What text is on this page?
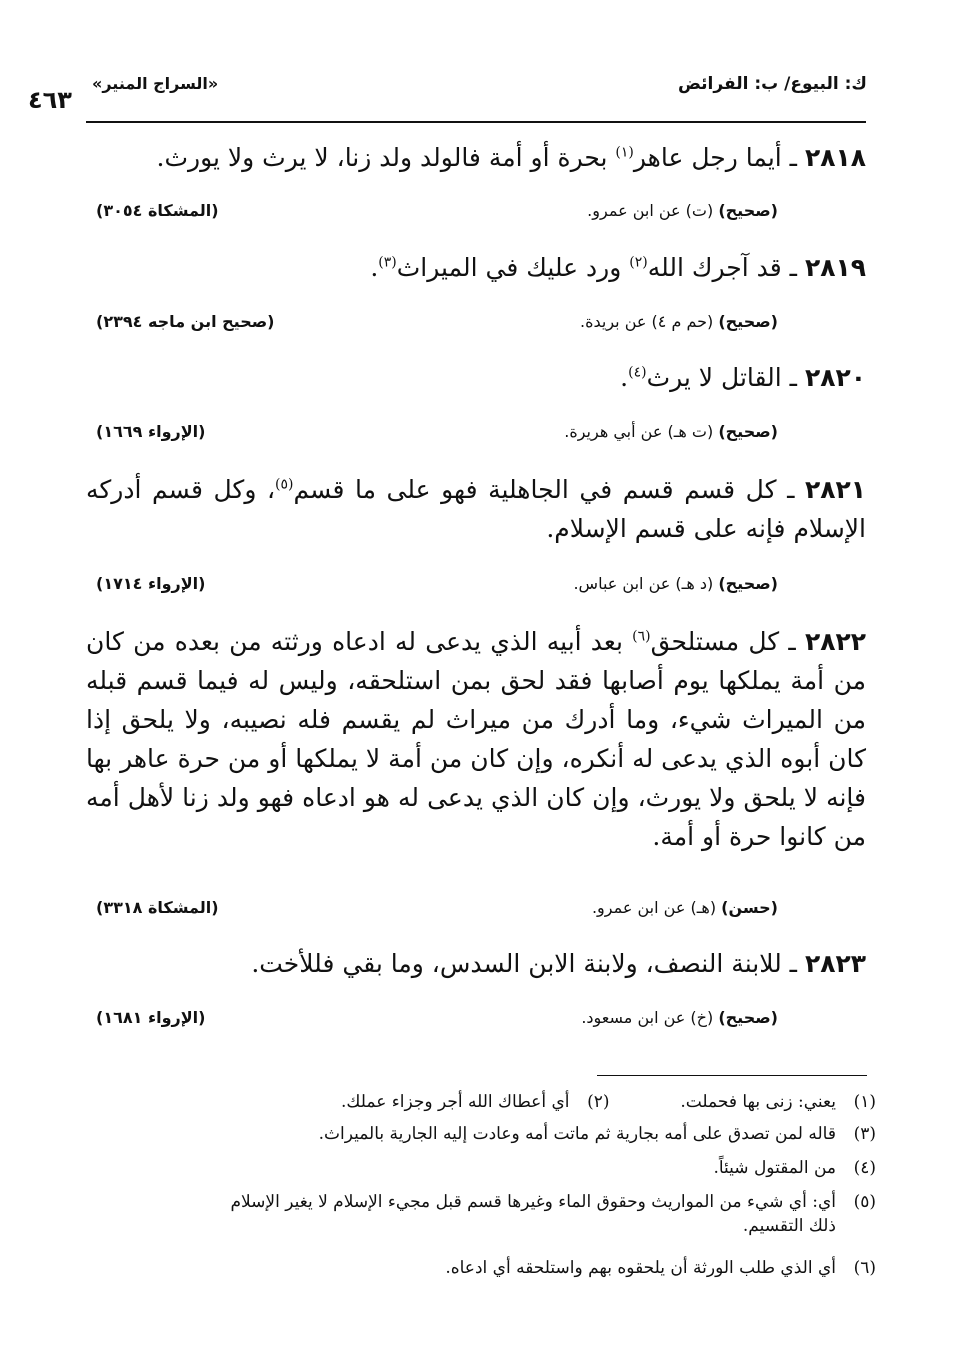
ك: البيوع/ ب: الفرائض
«السراج المنير»
٤٦٣

٢٨١٨ ـ أيما رجل عاهر$^{(١)}$ بحرة أو أمة فالولد ولد زنا، لا يرث ولا يورث.

(صحيح) (ت) عن ابن عمرو.
(المشكاة ٣٠٥٤)

٢٨١٩ ـ قد آجرك الله$^{(٢)}$ ورد عليك في الميراث$^{(٣)}$.

(صحيح) (حم م ٤) عن بريدة.
(صحيح ابن ماجه ٢٣٩٤)

٢٨٢٠ ـ القاتل لا يرث$^{(٤)}$.

(صحيح) (ت هـ) عن أبي هريرة.
(الإرواء ١٦٦٩)

٢٨٢١ ـ كل قسم قسم في الجاهلية فهو على ما قسم$^{(٥)}$، وكل قسم أدركه الإسلام فإنه على قسم الإسلام.

(صحيح) (د هـ) عن ابن عباس.
(الإرواء ١٧١٤)

٢٨٢٢ ـ كل مستلحق$^{(٦)}$ بعد أبيه الذي يدعى له ادعاه ورثته من بعده من كان من أمة يملكها يوم أصابها فقد لحق بمن استلحقه، وليس له فيما قسم قبله من الميراث شيء، وما أدرك من ميراث لم يقسم فله نصيبه، ولا يلحق إذا كان أبوه الذي يدعى له أنكره، وإن كان من أمة لا يملكها أو من حرة عاهر بها فإنه لا يلحق ولا يورث، وإن كان الذي يدعى له هو ادعاه فهو ولد زنا لأهل أمه من كانوا حرة أو أمة.

(حسن) (هـ) عن ابن عمرو.
(المشكاة ٣٣١٨)

٢٨٢٣ ـ للابنة النصف، ولابنة الابن السدس، وما بقي فللأخت.

(صحيح) (خ) عن ابن مسعود.
(الإرواء ١٦٨١)
(١)يعني: زنى بها فحملت.  (٢)أي أعطاك الله أجر وجزاء عملك.
(٣)قاله لمن تصدق على أمه بجارية ثم ماتت أمه وعادت إليه الجارية بالميراث.
(٤)من المقتول شيئاً.
(٥)أي: أي شيء من المواريث وحقوق الماء وغيرها قسم قبل مجيء الإسلام لا يغير الإسلام
ذلك التقسيم.
(٦)أي الذي طلب الورثة أن يلحقوه بهم واستلحقه أي ادعاه.
